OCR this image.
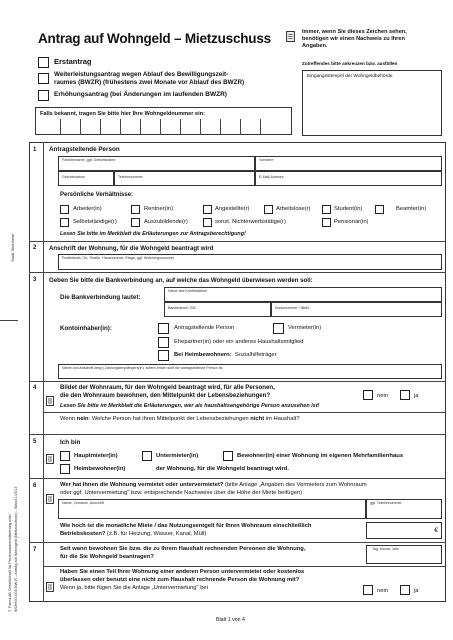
Antrag auf Wohngeld – Mietzuschuss	Immer, wenn Sie dieses Zeichen sehen,
benötigen wir einen Nachweis zu Ihren
Angaben.
Zutreffendes bitte ankreuzen bzw. ausfüllen
Erstantrag
Weiterleistungsantrag wegen Ablauf des Bewilligungszeit-
raumes (BWZR) (frühestens zwei Monate vor Ablauf des BWZR)
Erhöhungsantrag (bei Änderungen im laufenden BWZR)
Eingangsstempel der Wohngeldbehörde
Falls bekannt, tragen Sie bitte hier Ihre Wohngeldnummer ein:
Stadt Steinheim
© FormLAB Gesellschaft für Prozessautomatisierung mbH WOHNG-004-NW-R - Antrag auf Wohngeld (Mietzuschuss) - Stand 1/2013
1 Antragstellende Person
Familienname, ggf. Geburtsname	Vorname
Geburtsdatum	Telefonnummer	E-Mail-Adresse
Persönliche Verhältnisse:
Arbeiter(in)	Rentner(in)	Angestellte(r)	Arbeitslose(r)	Student(in)	Beamter(in)
Selbstständige(r)	Auszubildende(r)	sonst. Nichterwerbstätige(r)	Pensionär(in)
Lesen Sie bitte im Merkblatt die Erläuterungen zur Antragsberechtigung!
2 Anschrift der Wohnung, für die Wohngeld beantragt wird
Postleitzahl, Ort, Straße, Hausnummer, Etage, ggf. Wohnungsnummer
3 Geben Sie bitte die Bankverbindung an, auf welche das Wohngeld überwiesen werden soll:
Die Bankverbindung lautet:
Name des Kreditinstitute
Bankleitzahl / BIC	Kontonummer / IBAN
Kontoinhaber(in):	Antragstellende Person	Vermieter(in)
Ehepartner(in) oder ein anderes Haushaltsmitglied
Bei Heimbewohnern: Sozialhilfeträger
Name und Anschrift des(r) Zahlungsempfängers(in), sofern er/sie nicht die antragstellende Person ist.
4	Bildet der Wohnraum, für den Wohngeld beantragt wird, für alle Personen,
die den Wohnraum bewohnen, den Mittelpunkt der Lebensbeziehungen?	nein	ja
Lesen Sie bitte im Merkblatt die Erläuterungen, wer als haushaltsangehörige Person anzusehen ist!
Wenn nein: Welche Person hat ihren Mittelpunkt der Lebensbeziehungen nicht im Haushalt?
5	Ich bin
Hauptmieter(in)	Untermieter(in)	Bewohner(in) einer Wohnung im eigenen Mehrfamilienhaus
Heimbewohner(in)	der Wohnung, für die Wohngeld beantragt wird.
6	Wer hat Ihnen die Wohnung vermietet oder untervermietet? (bitte Anlage „Angaben des Vermieters zum Wohnraum
oder ggf. Untervermietung" bzw. entsprechende Nachweise über die Höhe der Miete beifügen)
Name, Vorname, Anschrift	ggf. Telefonnummer
Wie hoch ist die monatliche Miete / das Nutzungsentgelt für Ihren Wohnraum einschließlich
Betriebskosten? (z.B. für Heizung, Wasser, Kanal, Müll)	€
7	Seit wann bewohnen Sie bzw. die zu Ihrem Haushalt rechnenden Personen die Wohnung,
für die Sie Wohngeld beantragen?
Tag, Monat, Jahr
Haben Sie einen Teil Ihrer Wohnung einer anderen Person untervermietet oder kostenlos
überlassen oder benutzt eine nicht zum Haushalt rechnende Person die Wohnung mit?
Wenn ja, bitte fügen Sie die Anlage „Untervermietung" bei	nein	ja
Blatt 1 von 4
